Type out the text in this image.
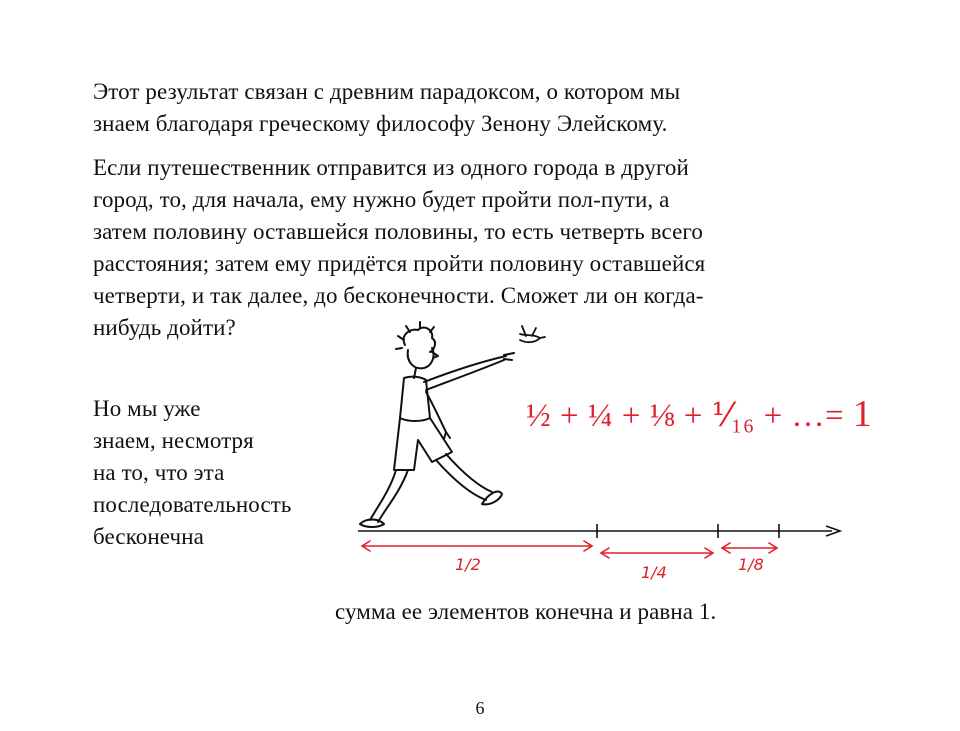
Этот результат связан с древним парадоксом, о котором мы
знаем благодаря греческому философу Зенону Элейскому.

Если путешественник отправится из одного города в другой
город, то, для начала, ему нужно будет пройти пол-пути, а
затем половину оставшейся половины, то есть четверть всего
расстояния; затем ему придётся пройти половину оставшейся
четверти, и так далее, до бесконечности. Сможет ли он когда-
нибудь дойти?

Но мы уже
знаем, несмотря
на то, что эта
последовательность
бесконечна

½ + ¼ + ⅛ + ⅟₁₆ + …= 1
1/2	1/4	1/8

сумма ее элементов конечна и равна 1.

6
